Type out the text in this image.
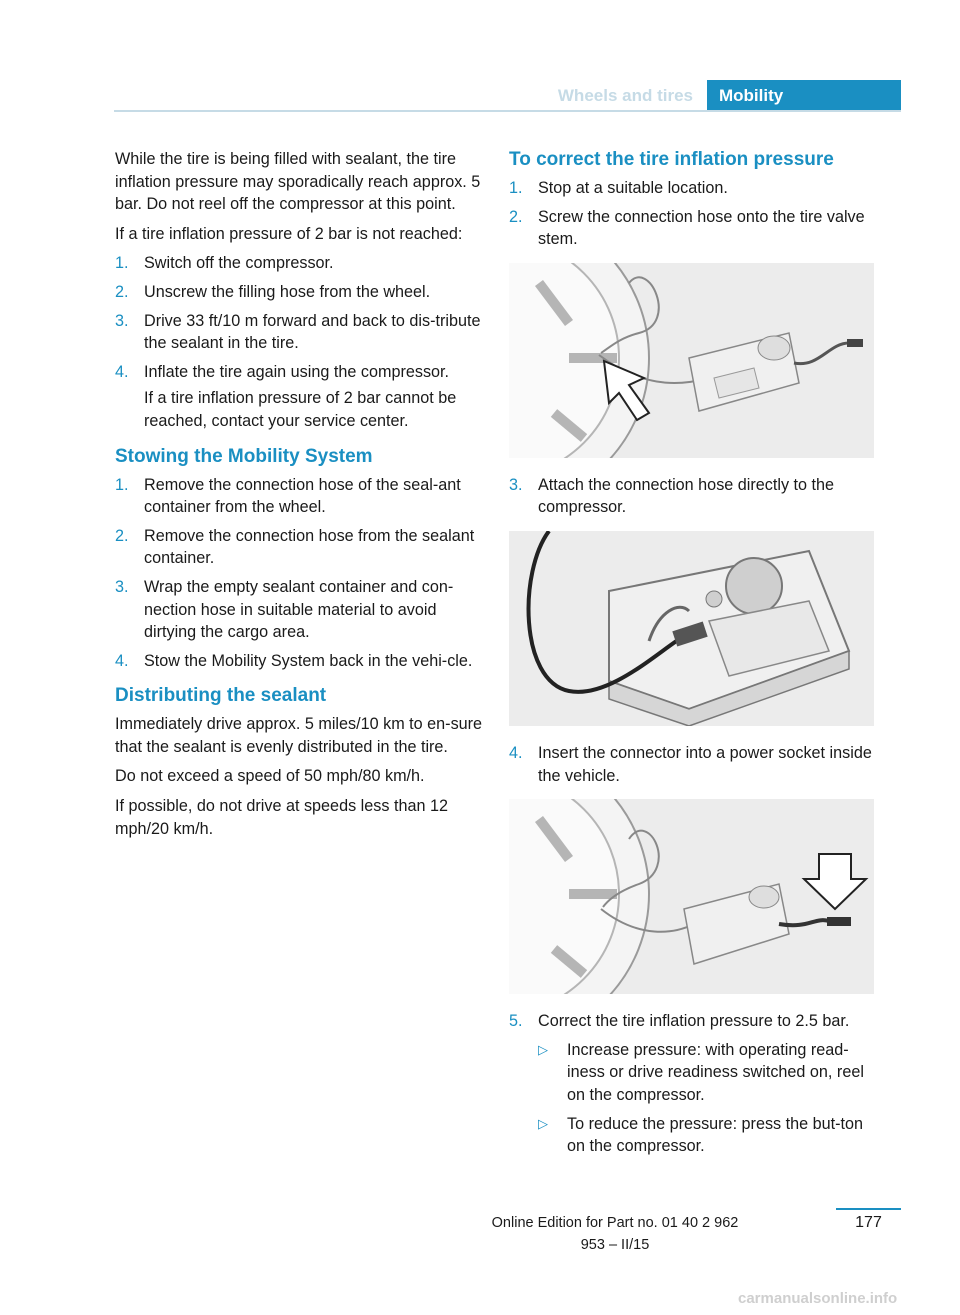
Wheels and tires	Mobility

While the tire is being filled with sealant, the tire inflation pressure may sporadically reach approx. 5 bar. Do not reel off the compressor at this point.

If a tire inflation pressure of 2 bar is not reached:

1. Switch off the compressor.
2. Unscrew the filling hose from the wheel.
3. Drive 33 ft/10 m forward and back to dis-tribute the sealant in the tire.
4. Inflate the tire again using the compressor.

If a tire inflation pressure of 2 bar cannot be reached, contact your service center.

Stowing the Mobility System
1. Remove the connection hose of the seal-ant container from the wheel.
2. Remove the connection hose from the sealant container.
3. Wrap the empty sealant container and con-nection hose in suitable material to avoid dirtying the cargo area.
4. Stow the Mobility System back in the vehi-cle.
Distributing the sealant

Immediately drive approx. 5 miles/10 km to en-sure that the sealant is evenly distributed in the tire.

Do not exceed a speed of 50 mph/80 km/h.

If possible, do not drive at speeds less than 12 mph/20 km/h.

To correct the tire inflation pressure
1. Stop at a suitable location.
2. Screw the connection hose onto the tire valve stem.
3. Attach the connection hose directly to the compressor.
4. Insert the connector into a power socket inside the vehicle.
5. Correct the tire inflation pressure to 2.5 bar.
▷ Increase pressure: with operating read-iness or drive readiness switched on, reel on the compressor.
▷ To reduce the pressure: press the but-ton on the compressor.
Online Edition for Part no. 01 40 2 962 953 – II/15
177
carmanualsonline.info
